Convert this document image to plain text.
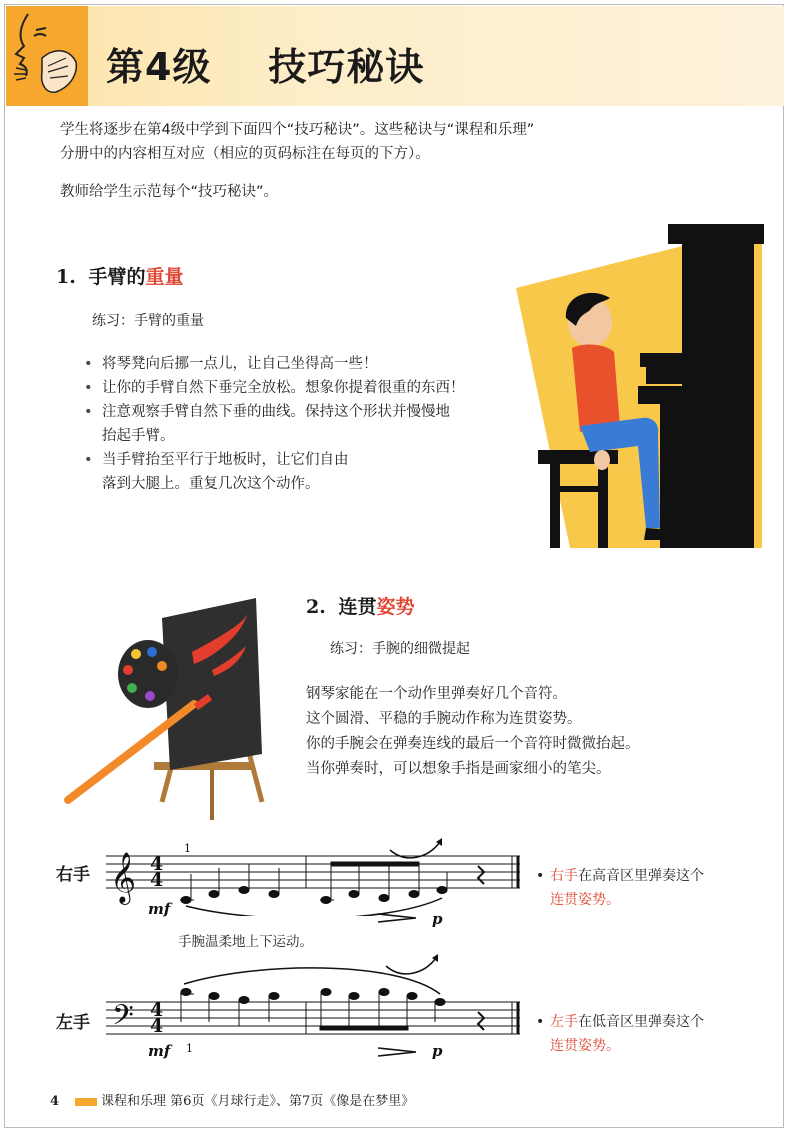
第4级    技巧秘诀
学生将逐步在第4级中学到下面四个“技巧秘诀”。这些秘诀与“课程和乐理”
分册中的内容相互对应（相应的页码标注在每页的下方）。
教师给学生示范每个“技巧秘诀”。
1. 手臂的重量
练习：手臂的重量
• 将琴凳向后挪一点儿，让自己坐得高一些！
• 让你的手臂自然下垂完全放松。想象你提着很重的东西！
• 注意观察手臂自然下垂的曲线。保持这个形状并慢慢地
抬起手臂。
• 当手臂抬至平行于地板时，让它们自由
落到大腿上。重复几次这个动作。
2. 连贯姿势
练习：手腕的细微提起
钢琴家能在一个动作里弹奏好几个音符。
这个圆滑、平稳的手腕动作称为连贯姿势。
你的手腕会在弹奏连线的最后一个音符时微微抬起。
当你弹奏时，可以想象手指是画家细小的笔尖。
右手 𝄞
1
mf
p
手腕温柔地上下运动。
• 右手在高音区里弹奏这个
连贯姿势。
左手 𝄢
1
mf	p
• 左手在低音区里弹奏这个
连贯姿势。
4	课程和乐理 第6页《月球行走》、第7页《像是在梦里》
4
4
4
4
